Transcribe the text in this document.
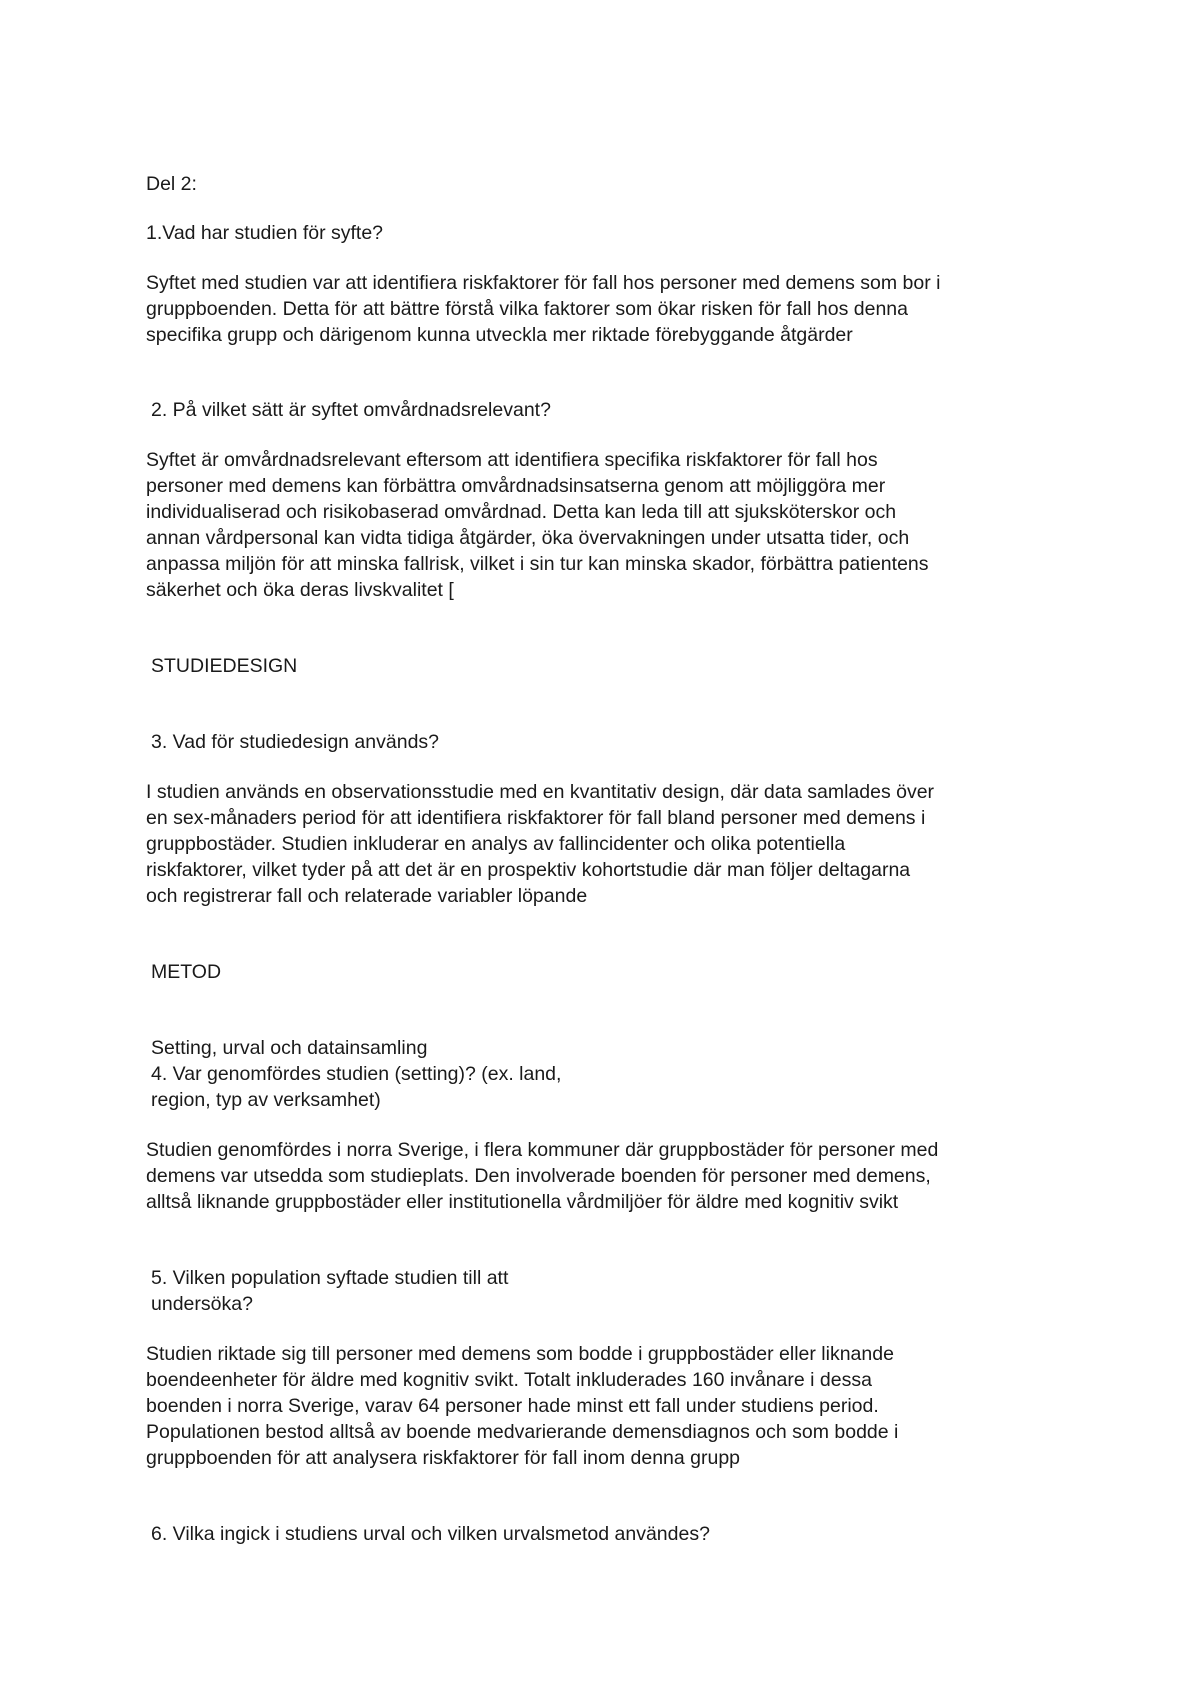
Del 2:

1.Vad har studien för syfte?

Syftet med studien var att identifiera riskfaktorer för fall hos personer med demens som bor i

gruppboenden. Detta för att bättre förstå vilka faktorer som ökar risken för fall hos denna

specifika grupp och därigenom kunna utveckla mer riktade förebyggande åtgärder

2. På vilket sätt är syftet omvårdnadsrelevant?

Syftet är omvårdnadsrelevant eftersom att identifiera specifika riskfaktorer för fall hos

personer med demens kan förbättra omvårdnadsinsatserna genom att möjliggöra mer

individualiserad och risikobaserad omvårdnad. Detta kan leda till att sjuksköterskor och

annan vårdpersonal kan vidta tidiga åtgärder, öka övervakningen under utsatta tider, och

anpassa miljön för att minska fallrisk, vilket i sin tur kan minska skador, förbättra patientens

säkerhet och öka deras livskvalitet [

STUDIEDESIGN

3. Vad för studiedesign används?

I studien används en observationsstudie med en kvantitativ design, där data samlades över

en sex-månaders period för att identifiera riskfaktorer för fall bland personer med demens i

gruppbostäder. Studien inkluderar en analys av fallincidenter och olika potentiella

riskfaktorer, vilket tyder på att det är en prospektiv kohortstudie där man följer deltagarna

och registrerar fall och relaterade variabler löpande

METOD

Setting, urval och datainsamling

4. Var genomfördes studien (setting)? (ex. land,

region, typ av verksamhet)

Studien genomfördes i norra Sverige, i flera kommuner där gruppbostäder för personer med

demens var utsedda som studieplats. Den involverade boenden för personer med demens,

alltså liknande gruppbostäder eller institutionella vårdmiljöer för äldre med kognitiv svikt

5. Vilken population syftade studien till att

undersöka?

Studien riktade sig till personer med demens som bodde i gruppbostäder eller liknande

boendeenheter för äldre med kognitiv svikt. Totalt inkluderades 160 invånare i dessa

boenden i norra Sverige, varav 64 personer hade minst ett fall under studiens period.

Populationen bestod alltså av boende medvarierande demensdiagnos och som bodde i

gruppboenden för att analysera riskfaktorer för fall inom denna grupp

6. Vilka ingick i studiens urval och vilken urvalsmetod användes?
